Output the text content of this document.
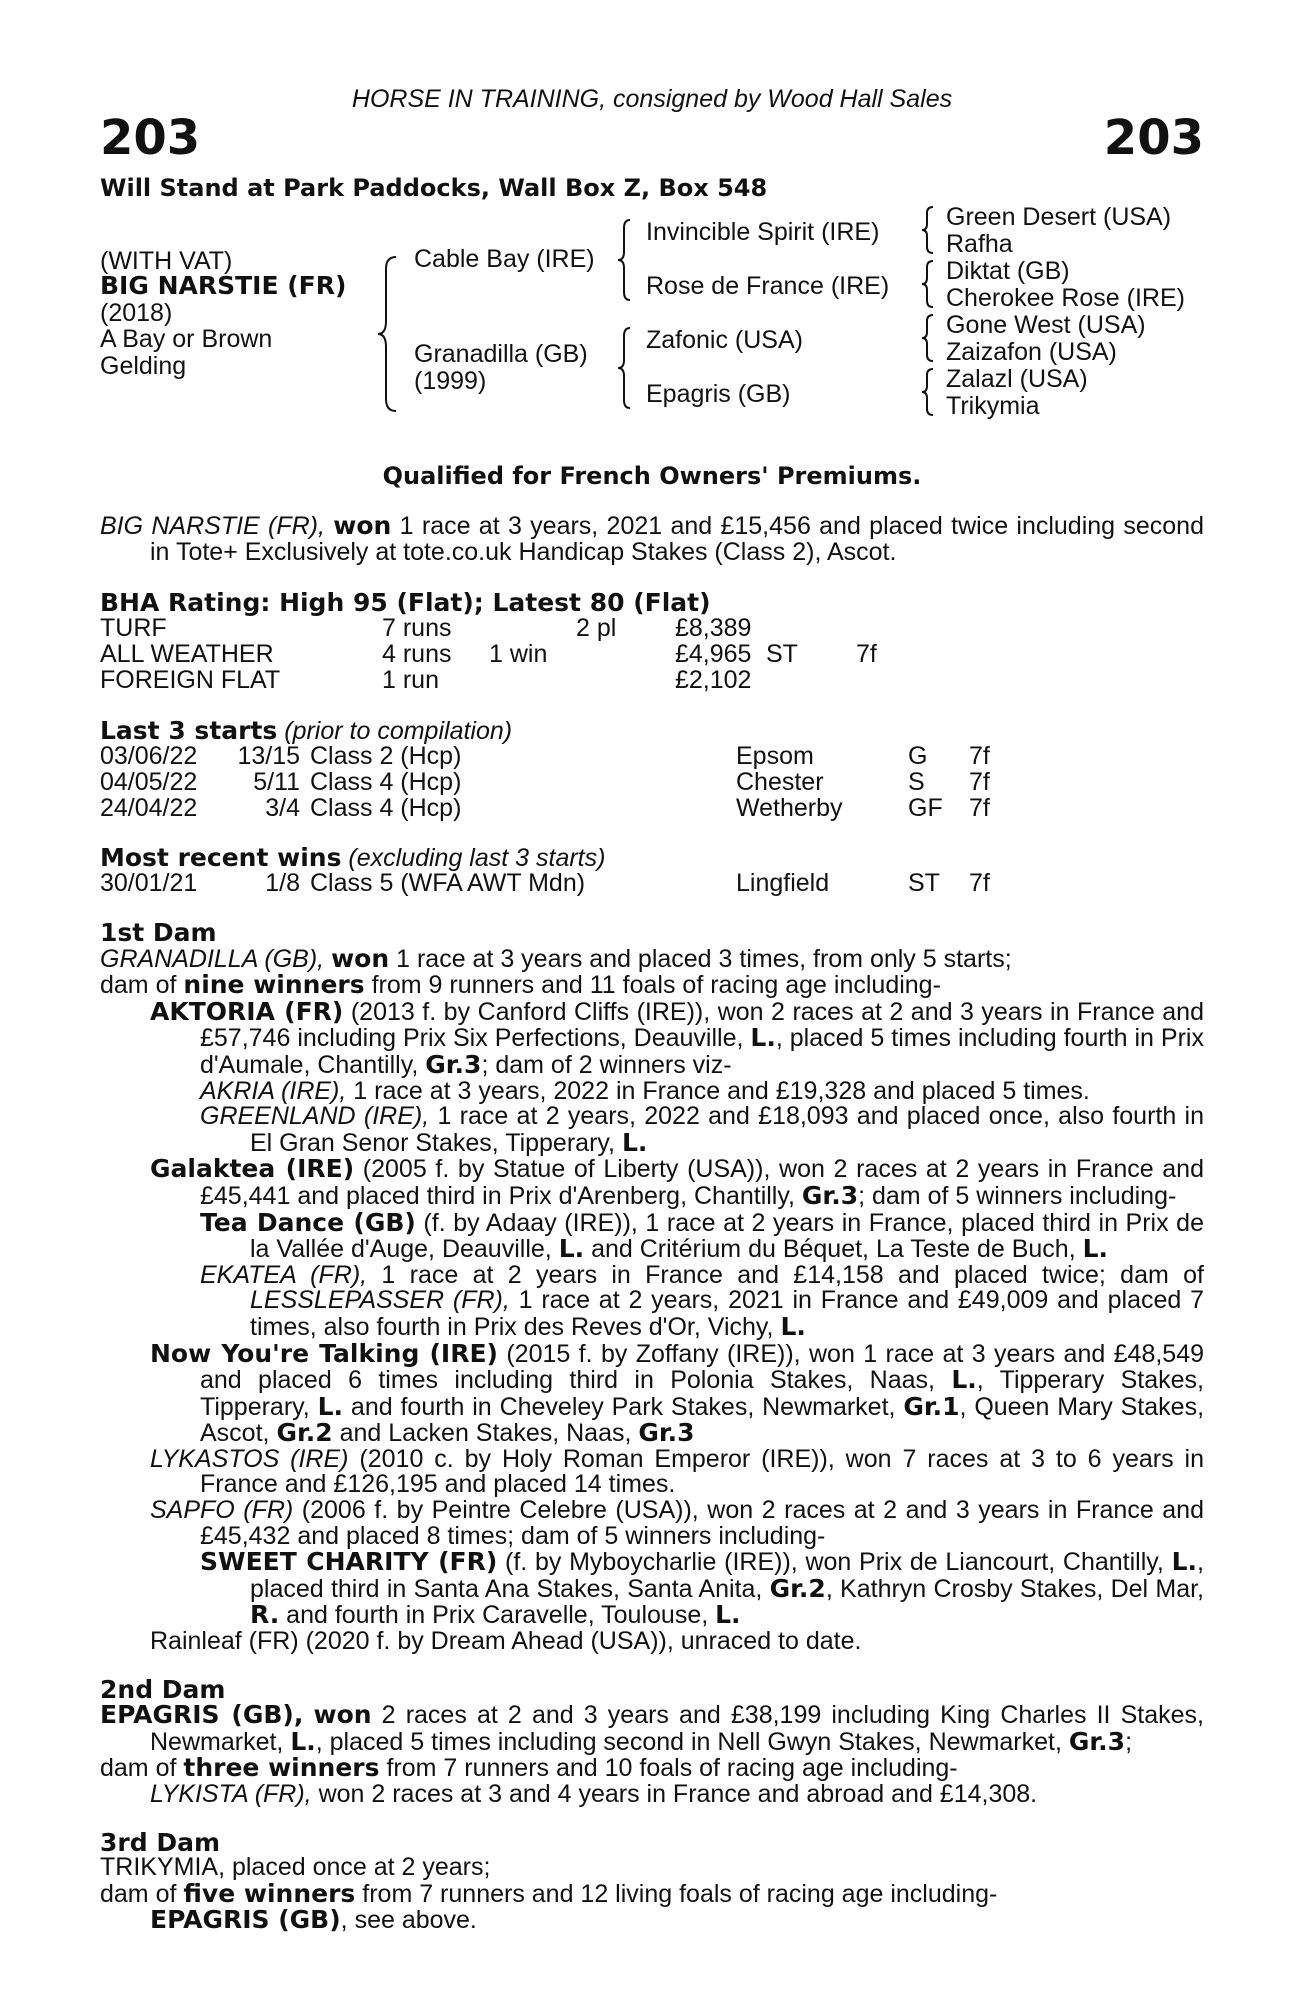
HORSE IN TRAINING, consigned by Wood Hall Sales
203	203
Will Stand at Park Paddocks, Wall Box Z, Box 548
(WITH VAT)
BIG NARSTIE (FR)
(2018)
A Bay or Brown
Gelding
Cable Bay (IRE)
Granadilla (GB)
(1999)
Invincible Spirit (IRE)
Rose de France (IRE)
Zafonic (USA)
Epagris (GB)
Green Desert (USA)
Rafha
Diktat (GB)
Cherokee Rose (IRE)
Gone West (USA)
Zaizafon (USA)
Zalazl (USA)
Trikymia
Qualified for French Owners' Premiums.

BIG NARSTIE (FR), won 1 race at 3 years, 2021 and £15,456 and placed twice including second in Tote+ Exclusively at tote.co.uk Handicap Stakes (Class 2), Ascot.

BHA Rating: High 95 (Flat); Latest 80 (Flat)
TURF	7 runs	2 pl £8,389
ALL WEATHER	4 runs 1 win	£4,965 ST 7f
FOREIGN FLAT	1 run	£2,102
Last 3 starts (prior to compilation)
03/06/22	13/15 Class 2 (Hcp)	Epsom	G 7f
04/05/22	5/11 Class 4 (Hcp)	Chester	S 7f
24/04/22	3/4 Class 4 (Hcp)	Wetherby	GF 7f
Most recent wins (excluding last 3 starts)
30/01/21	1/8 Class 5 (WFA AWT Mdn)	Lingfield	ST 7f

1st Dam

GRANADILLA (GB), won 1 race at 3 years and placed 3 times, from only 5 starts;

dam of nine winners from 9 runners and 11 foals of racing age including-

AKTORIA (FR) (2013 f. by Canford Cliffs (IRE)), won 2 races at 2 and 3 years in France and £57,746 including Prix Six Perfections, Deauville, L., placed 5 times including fourth in Prix d'Aumale, Chantilly, Gr.3; dam of 2 winners viz-

AKRIA (IRE), 1 race at 3 years, 2022 in France and £19,328 and placed 5 times.

GREENLAND (IRE), 1 race at 2 years, 2022 and £18,093 and placed once, also fourth in El Gran Senor Stakes, Tipperary, L.

Galaktea (IRE) (2005 f. by Statue of Liberty (USA)), won 2 races at 2 years in France and £45,441 and placed third in Prix d'Arenberg, Chantilly, Gr.3; dam of 5 winners including-

Tea Dance (GB) (f. by Adaay (IRE)), 1 race at 2 years in France, placed third in Prix de la Vallée d'Auge, Deauville, L. and Critérium du Béquet, La Teste de Buch, L.

EKATEA (FR), 1 race at 2 years in France and £14,158 and placed twice; dam of LESSLEPASSER (FR), 1 race at 2 years, 2021 in France and £49,009 and placed 7 times, also fourth in Prix des Reves d'Or, Vichy, L.

Now You're Talking (IRE) (2015 f. by Zoffany (IRE)), won 1 race at 3 years and £48,549 and placed 6 times including third in Polonia Stakes, Naas, L., Tipperary Stakes, Tipperary, L. and fourth in Cheveley Park Stakes, Newmarket, Gr.1, Queen Mary Stakes, Ascot, Gr.2 and Lacken Stakes, Naas, Gr.3

LYKASTOS (IRE) (2010 c. by Holy Roman Emperor (IRE)), won 7 races at 3 to 6 years in France and £126,195 and placed 14 times.

SAPFO (FR) (2006 f. by Peintre Celebre (USA)), won 2 races at 2 and 3 years in France and £45,432 and placed 8 times; dam of 5 winners including-

SWEET CHARITY (FR) (f. by Myboycharlie (IRE)), won Prix de Liancourt, Chantilly, L., placed third in Santa Ana Stakes, Santa Anita, Gr.2, Kathryn Crosby Stakes, Del Mar, R. and fourth in Prix Caravelle, Toulouse, L.

Rainleaf (FR) (2020 f. by Dream Ahead (USA)), unraced to date.

2nd Dam

EPAGRIS (GB), won 2 races at 2 and 3 years and £38,199 including King Charles II Stakes, Newmarket, L., placed 5 times including second in Nell Gwyn Stakes, Newmarket, Gr.3;

dam of three winners from 7 runners and 10 foals of racing age including-

LYKISTA (FR), won 2 races at 3 and 4 years in France and abroad and £14,308.

3rd Dam

TRIKYMIA, placed once at 2 years;

dam of five winners from 7 runners and 12 living foals of racing age including-

EPAGRIS (GB), see above.
